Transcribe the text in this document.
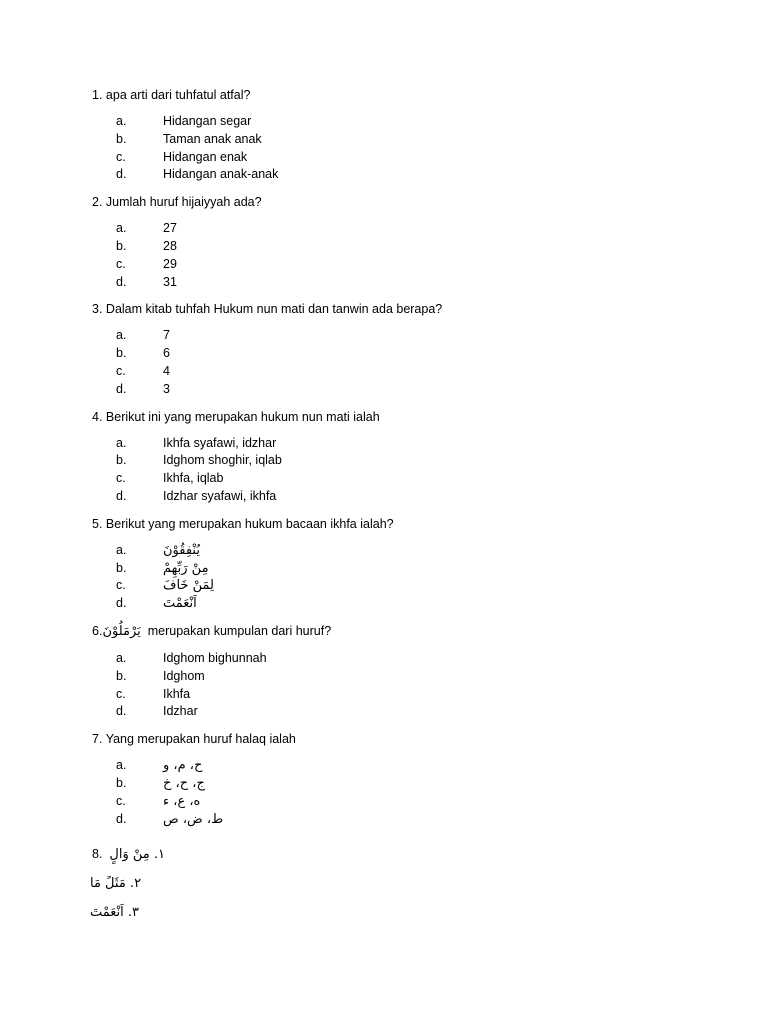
1. apa arti dari tuhfatul atfal?
a.	Hidangan segar
b.	Taman anak anak
c.	Hidangan enak
d.	Hidangan anak-anak
2. Jumlah huruf hijaiyyah ada?
a.	27
b.	28
c.	29
d.	31
3. Dalam kitab tuhfah Hukum nun mati dan tanwin ada berapa?
a.	7
b.	6
c.	4
d.	3
4. Berikut ini yang merupakan hukum nun mati ialah
a.	Ikhfa syafawi, idzhar
b.	Idghom shoghir, iqlab
c.	Ikhfa, iqlab
d.	Idzhar syafawi, ikhfa
5. Berikut yang merupakan hukum bacaan ikhfa ialah?
a.	يُنْفِقُوْنَ
b.	مِنْ رَبِّهِمْ
c.	لِمَنْ خَافَ
d.	اَنْعَمْتَ
6.يَرْمَلُوْنَ merupakan kumpulan dari huruf?
a.	Idghom bighunnah
b.	Idghom
c.	Ikhfa
d.	Idzhar
7. Yang merupakan huruf halaq ialah
a.	ح، م، و
b.	ج، ح، خ
c.	ه، ع، ء
d.	ط، ض، ص
8. ١. مِنْ وَالٍ
٢. مَثَلً مَا
٣. اَنْعَمْتَ
